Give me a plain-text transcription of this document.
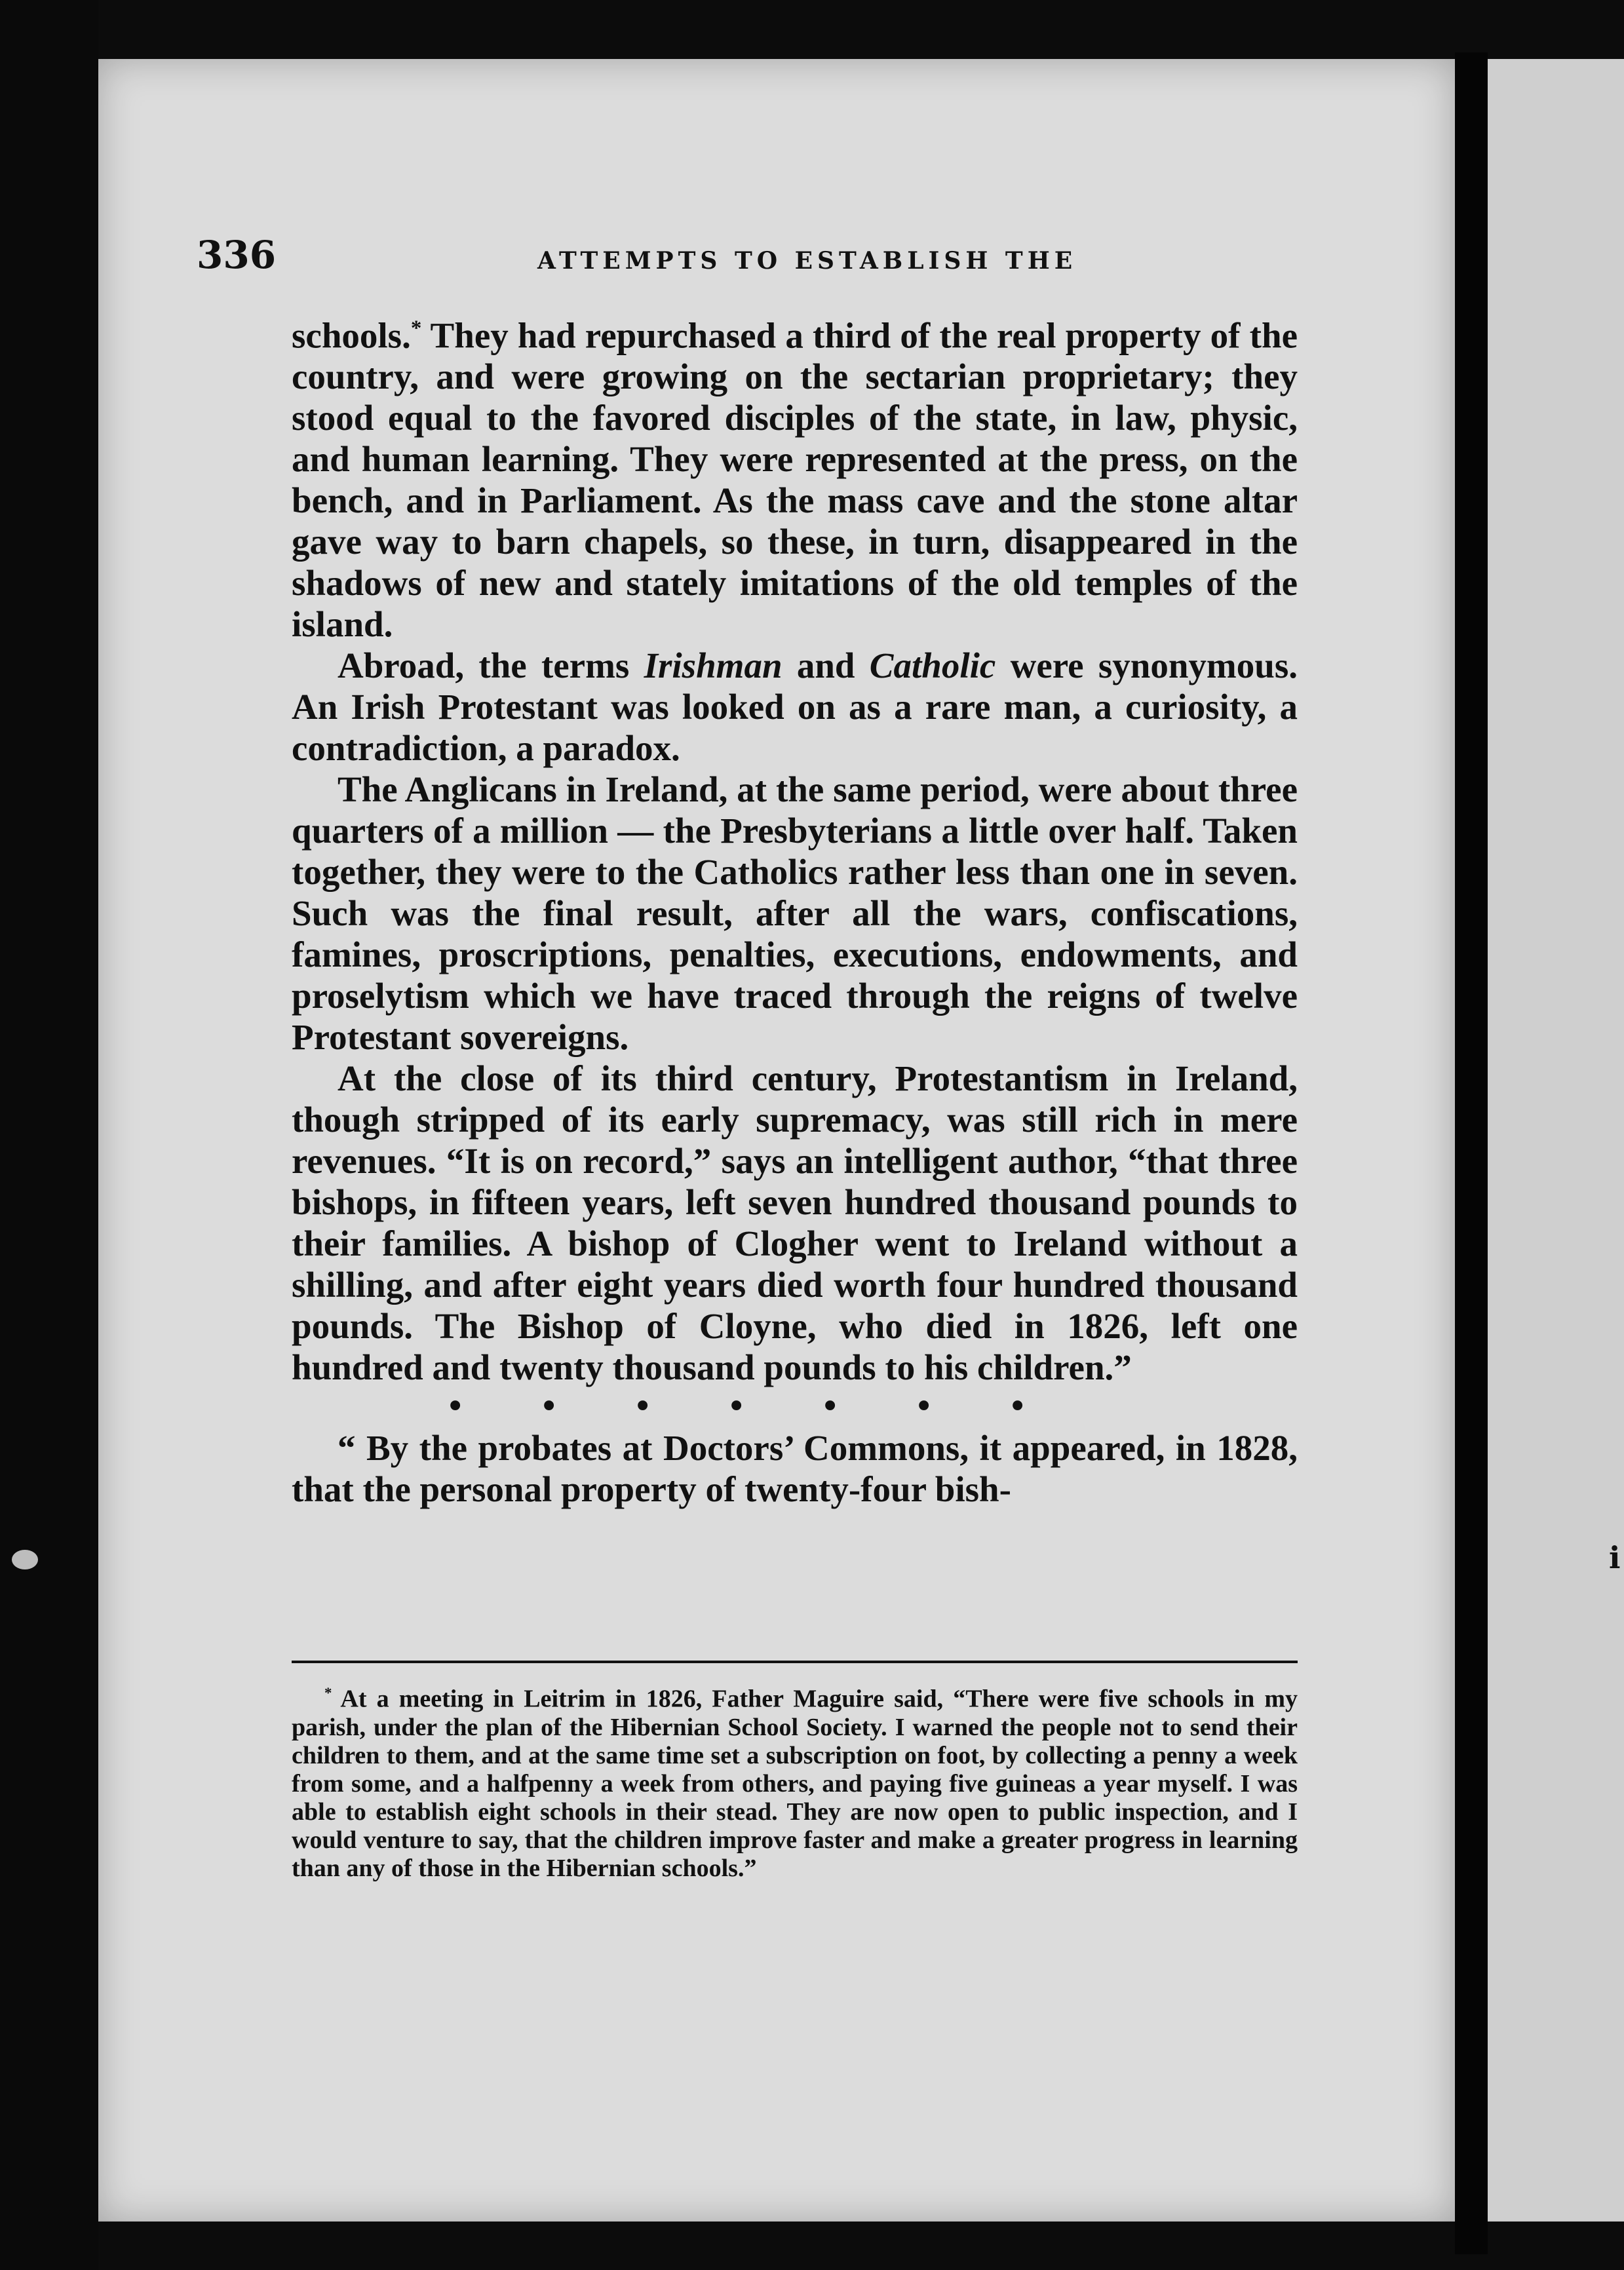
i
336	ATTEMPTS TO ESTABLISH THE

schools.* They had repurchased a third of the real property of the country, and were growing on the sectarian proprietary; they stood equal to the favored disciples of the state, in law, physic, and human learning. They were represented at the press, on the bench, and in Parliament. As the mass cave and the stone altar gave way to barn chapels, so these, in turn, disappeared in the shadows of new and stately imitations of the old temples of the island.

Abroad, the terms Irishman and Catholic were synonymous. An Irish Protestant was looked on as a rare man, a curiosity, a contradiction, a paradox.

The Anglicans in Ireland, at the same period, were about three quarters of a million — the Presbyterians a little over half. Taken together, they were to the Catholics rather less than one in seven. Such was the final result, after all the wars, confiscations, famines, proscriptions, penalties, executions, endowments, and proselytism which we have traced through the reigns of twelve Protestant sovereigns.

At the close of its third century, Protestantism in Ireland, though stripped of its early supremacy, was still rich in mere revenues. “It is on record,” says an intelligent author, “that three bishops, in fifteen years, left seven hundred thousand pounds to their families. A bishop of Clogher went to Ireland without a shilling, and after eight years died worth four hundred thousand pounds. The Bishop of Cloyne, who died in 1826, left one hundred and twenty thousand pounds to his children.”

• • • • • • •

“ By the probates at Doctors’ Commons, it appeared, in 1828, that the personal property of twenty-four bish-

* At a meeting in Leitrim in 1826, Father Maguire said, “There were five schools in my parish, under the plan of the Hibernian School Society. I warned the people not to send their children to them, and at the same time set a subscription on foot, by collecting a penny a week from some, and a halfpenny a week from others, and paying five guineas a year myself. I was able to establish eight schools in their stead. They are now open to public inspection, and I would venture to say, that the children improve faster and make a greater progress in learning than any of those in the Hibernian schools.”
